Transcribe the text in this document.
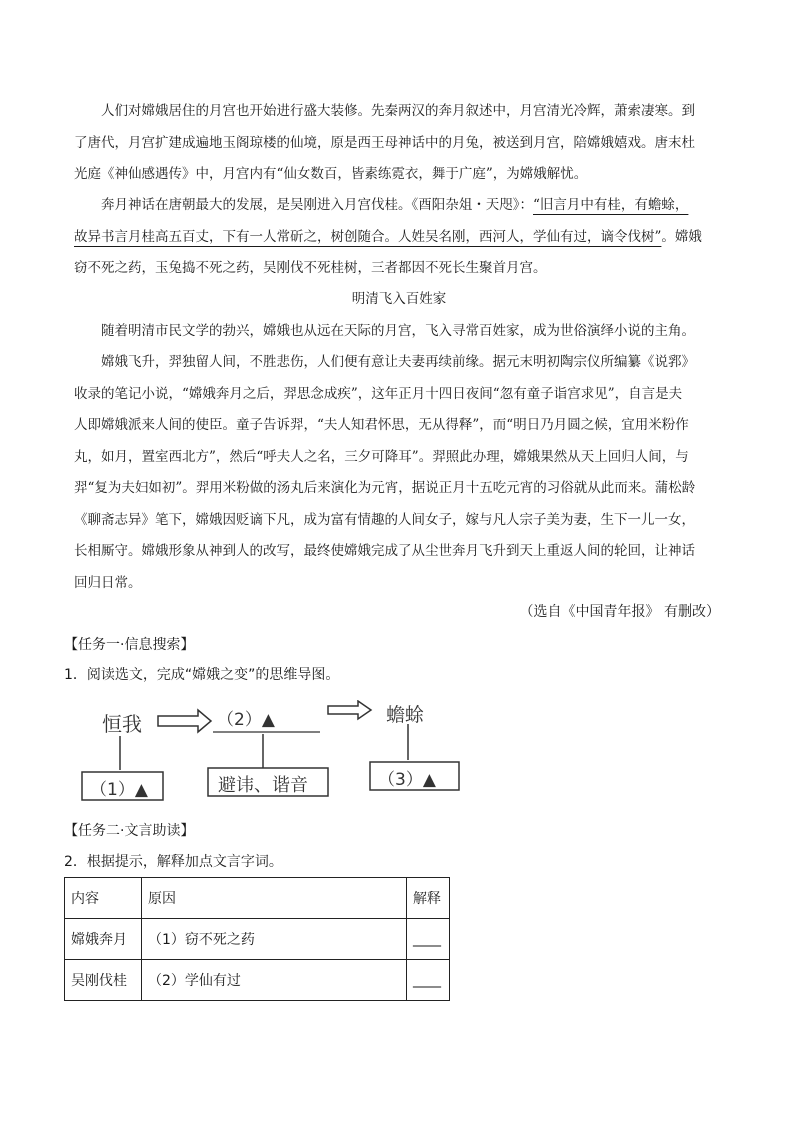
人们对嫦娥居住的月宫也开始进行盛大装修。先秦两汉的奔月叙述中，月宫清光冷辉，萧索凄寒。到
了唐代，月宫扩建成遍地玉阁琼楼的仙境，原是西王母神话中的月兔，被送到月宫，陪嫦娥嬉戏。唐末杜
光庭《神仙感遇传》中，月宫内有“仙女数百，皆素练霓衣，舞于广庭”，为嫦娥解忧。
奔月神话在唐朝最大的发展，是吴刚进入月宫伐桂。《酉阳杂俎・天咫》：“旧言月中有桂，有蟾蜍，
故异书言月桂高五百丈，下有一人常斫之，树创随合。人姓吴名刚，西河人，学仙有过，谪令伐树”。嫦娥
窃不死之药，玉兔捣不死之药，吴刚伐不死桂树，三者都因不死长生聚首月宫。
明清飞入百姓家
随着明清市民文学的勃兴，嫦娥也从远在天际的月宫，飞入寻常百姓家，成为世俗演绎小说的主角。
嫦娥飞升，羿独留人间，不胜悲伤，人们便有意让夫妻再续前缘。据元末明初陶宗仪所编纂《说郛》
收录的笔记小说，“嫦娥奔月之后，羿思念成疾”，这年正月十四日夜间“忽有童子诣宫求见”，自言是夫
人即嫦娥派来人间的使臣。童子告诉羿，“夫人知君怀思，无从得释”，而“明日乃月圆之候，宜用米粉作
丸，如月，置室西北方”，然后“呼夫人之名，三夕可降耳”。羿照此办理，嫦娥果然从天上回归人间，与
羿“复为夫妇如初”。羿用米粉做的汤丸后来演化为元宵，据说正月十五吃元宵的习俗就从此而来。蒲松龄
《聊斋志异》笔下，嫦娥因贬谪下凡，成为富有情趣的人间女子，嫁与凡人宗子美为妻，生下一儿一女，
长相厮守。嫦娥形象从神到人的改写，最终使嫦娥完成了从尘世奔月飞升到天上重返人间的轮回，让神话
回归日常。
（选自《中国青年报》 有删改）
【任务一·信息搜索】
1．阅读选文，完成“嫦娥之变”的思维导图。
恒我	（2）▲	蟾蜍
（1）▲	避讳、谐音	（3）▲
【任务二·文言助读】
2．根据提示，解释加点文言字词。
内容	原因	解释
嫦娥奔月	（1）窃不死之药	____
吴刚伐桂	（2）学仙有过	____
